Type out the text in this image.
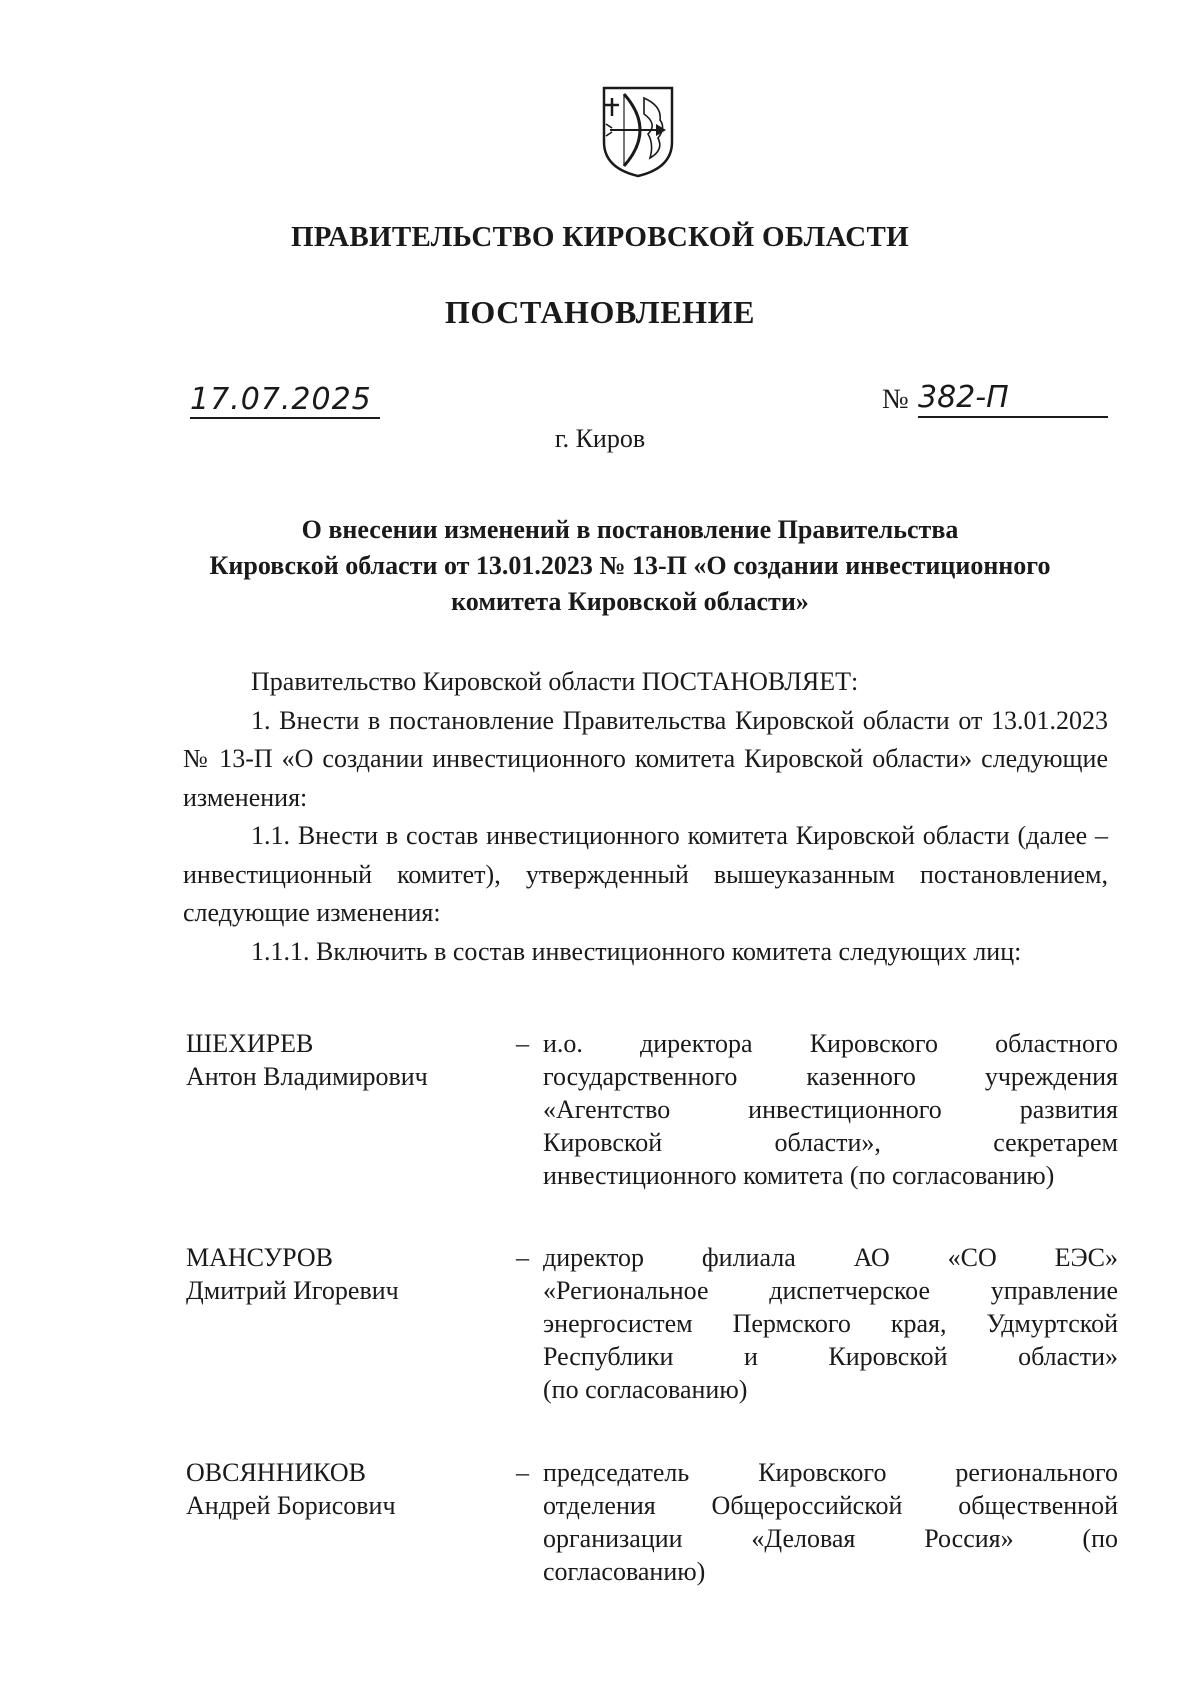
ПРАВИТЕЛЬСТВО КИРОВСКОЙ ОБЛАСТИ
ПОСТАНОВЛЕНИЕ
17.07.2025	№ 382-П
г. Киров
О внесении изменений в постановление Правительства
Кировской области от 13.01.2023 № 13-П «О создании инвестиционного
комитета Кировской области»

Правительство Кировской области ПОСТАНОВЛЯЕТ:

1. Внести в постановление Правительства Кировской области от 13.01.2023 № 13-П «О создании инвестиционного комитета Кировской области» следующие изменения:

1.1. Внести в состав инвестиционного комитета Кировской области (далее – инвестиционный комитет), утвержденный вышеуказанным постановлением, следующие изменения:

1.1.1. Включить в состав инвестиционного комитета следующих лиц:

ШЕХИРЕВ
Антон Владимирович
– и.о. директора Кировского областного
государственного казенного учреждения
«Агентство инвестиционного развития
Кировской области», секретарем
инвестиционного комитета (по согласованию)
МАНСУРОВ
Дмитрий Игоревич
– директор филиала АО «СО ЕЭС»
«Региональное диспетчерское управление
энергосистем Пермского края, Удмуртской
Республики и Кировской области»
(по согласованию)
ОВСЯННИКОВ
Андрей Борисович
– председатель Кировского регионального
отделения Общероссийской общественной
организации «Деловая Россия» (по
согласованию)
